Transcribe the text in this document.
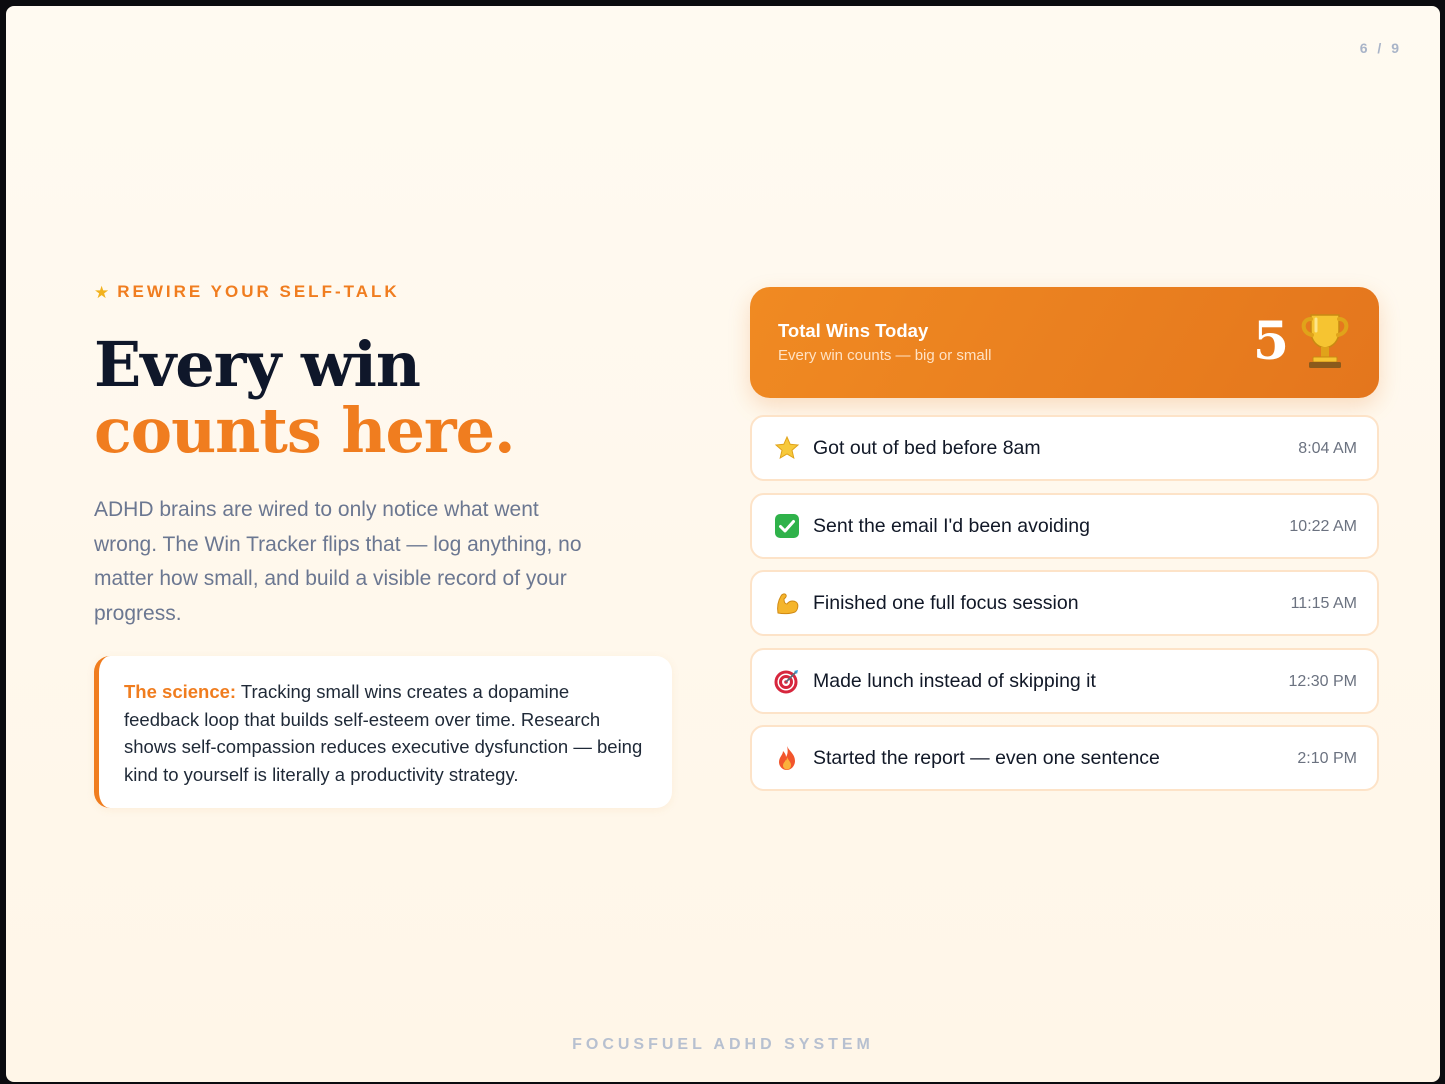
6 / 9
★ REWIRE YOUR SELF-TALK
Every win
counts here.

ADHD brains are wired to only notice what went wrong. The Win Tracker flips that — log anything, no matter how small, and build a visible record of your progress.

The science: Tracking small wins creates a dopamine feedback loop that builds self-esteem over time. Research shows self-compassion reduces executive dysfunction — being kind to yourself is literally a productivity strategy.
Total Wins Today
Every win counts — big or small	5
Got out of bed before 8am	8:04 AM
Sent the email I'd been avoiding	10:22 AM
Finished one full focus session	11:15 AM
Made lunch instead of skipping it	12:30 PM
Started the report — even one sentence	2:10 PM
FOCUSFUEL ADHD SYSTEM
